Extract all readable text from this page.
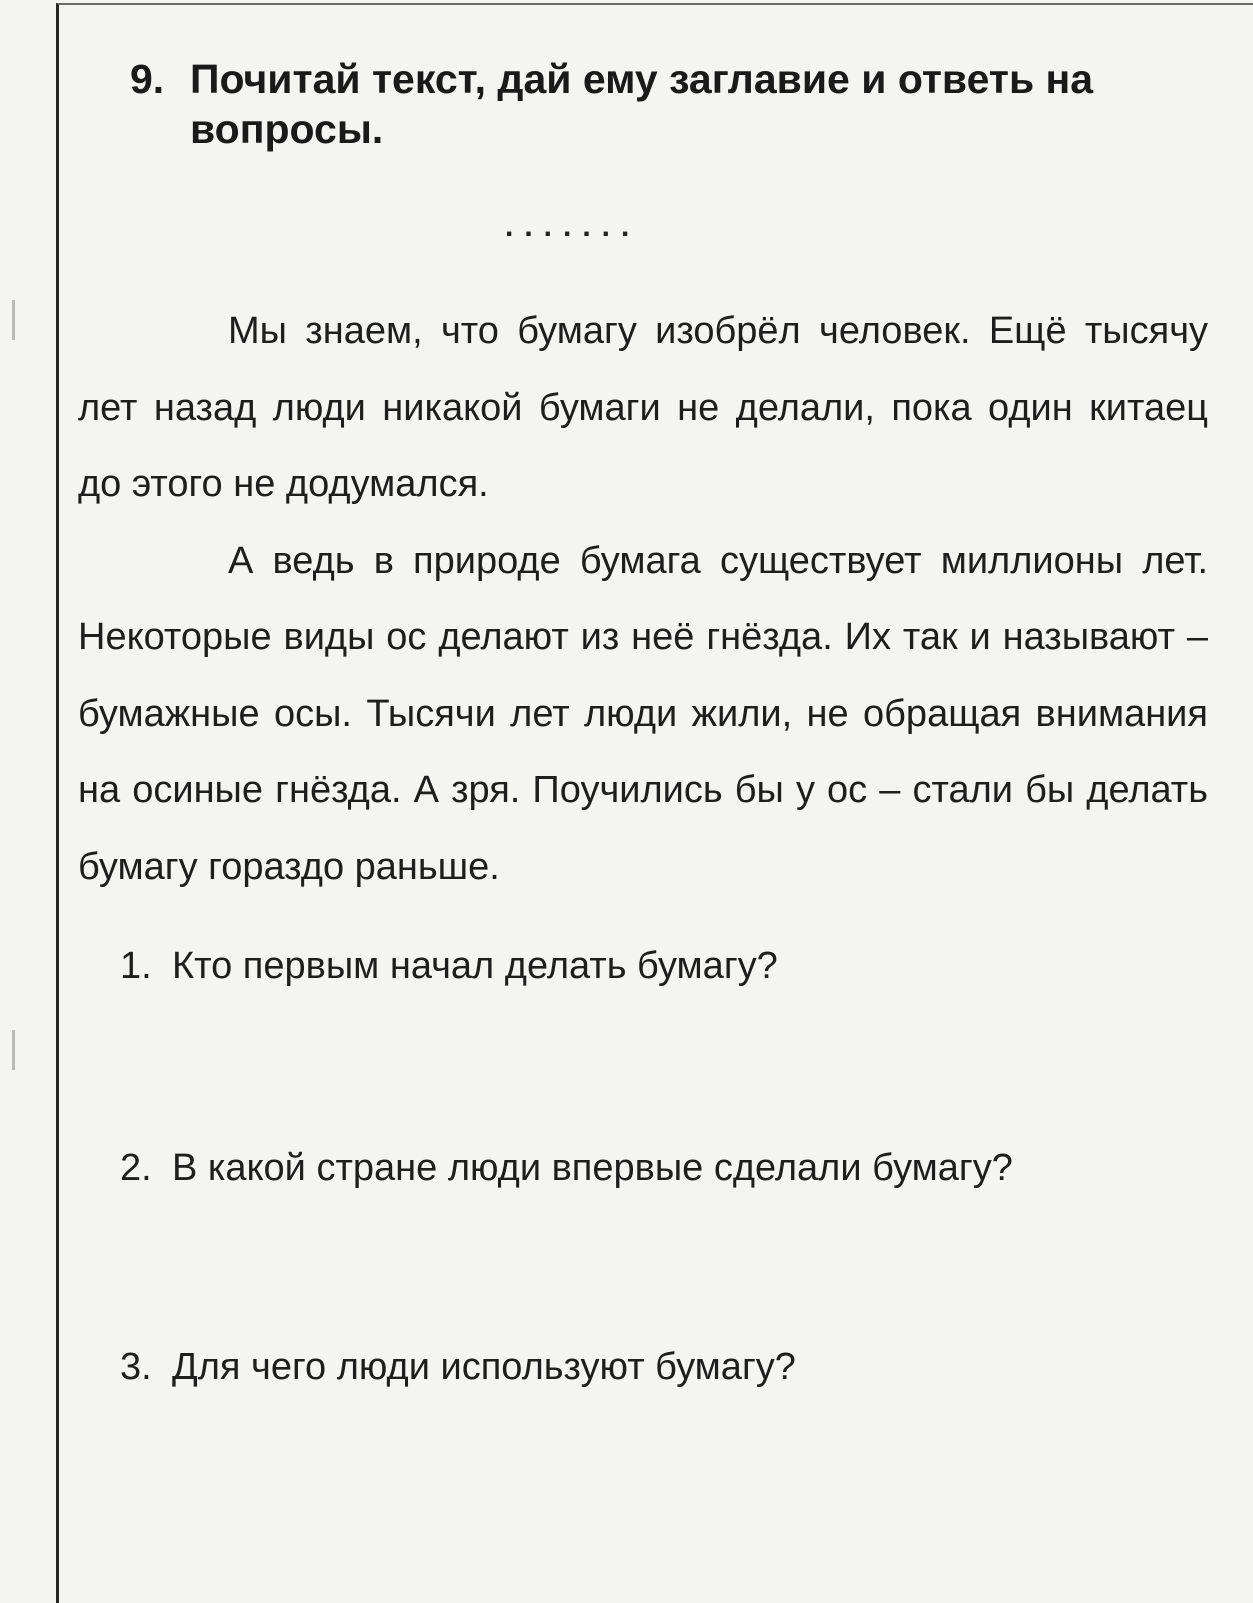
9. Почитай текст, дай ему заглавие и ответь на вопросы.
.......

Мы знаем, что бумагу изобрёл человек. Ещё тысячу лет назад люди никакой бумаги не делали, пока один китаец до этого не додумался.

А ведь в природе бумага существует миллионы лет. Некоторые виды ос делают из неё гнёзда. Их так и называют – бумажные осы. Тысячи лет люди жили, не обращая внимания на осиные гнёзда. А зря. Поучились бы у ос – стали бы делать бумагу гораздо раньше.

1. Кто первым начал делать бумагу?
2. В какой стране люди впервые сделали бумагу?
3. Для чего люди используют бумагу?
